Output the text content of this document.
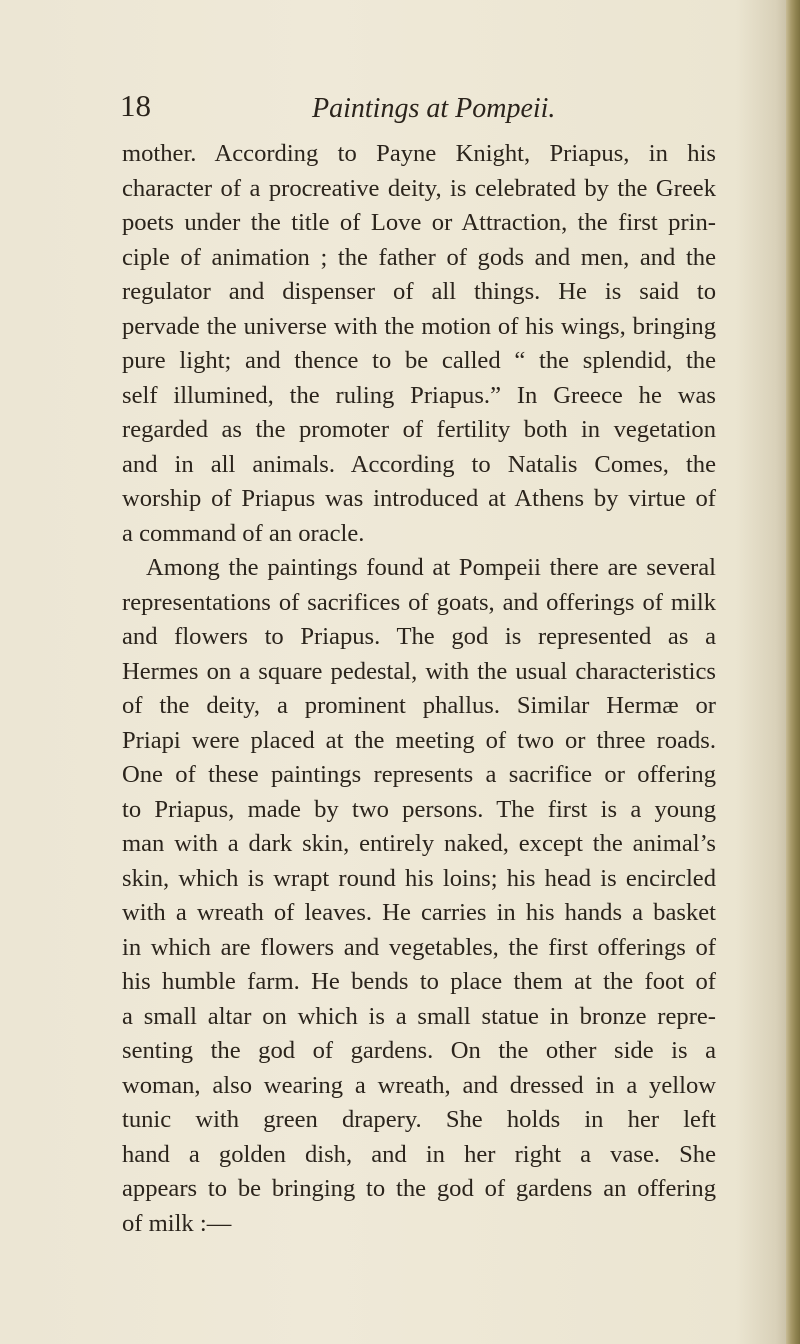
18	Paintings at Pompeii.
mother. According to Payne Knight, Priapus, in his
character of a procreative deity, is celebrated by the Greek
poets under the title of Love or Attraction, the first prin-
ciple of animation ; the father of gods and men, and the
regulator and dispenser of all things. He is said to
pervade the universe with the motion of his wings, bringing
pure light; and thence to be called “ the splendid, the
self illumined, the ruling Priapus.” In Greece he was
regarded as the promoter of fertility both in vegetation
and in all animals. According to Natalis Comes, the
worship of Priapus was introduced at Athens by virtue of
a command of an oracle.
Among the paintings found at Pompeii there are several
representations of sacrifices of goats, and offerings of milk
and flowers to Priapus. The god is represented as a
Hermes on a square pedestal, with the usual characteristics
of the deity, a prominent phallus. Similar Hermæ or
Priapi were placed at the meeting of two or three roads.
One of these paintings represents a sacrifice or offering
to Priapus, made by two persons. The first is a young
man with a dark skin, entirely naked, except the animal’s
skin, which is wrapt round his loins; his head is encircled
with a wreath of leaves. He carries in his hands a basket
in which are flowers and vegetables, the first offerings of
his humble farm. He bends to place them at the foot of
a small altar on which is a small statue in bronze repre-
senting the god of gardens. On the other side is a
woman, also wearing a wreath, and dressed in a yellow
tunic with green drapery. She holds in her left
hand a golden dish, and in her right a vase. She
appears to be bringing to the god of gardens an offering
of milk :—
